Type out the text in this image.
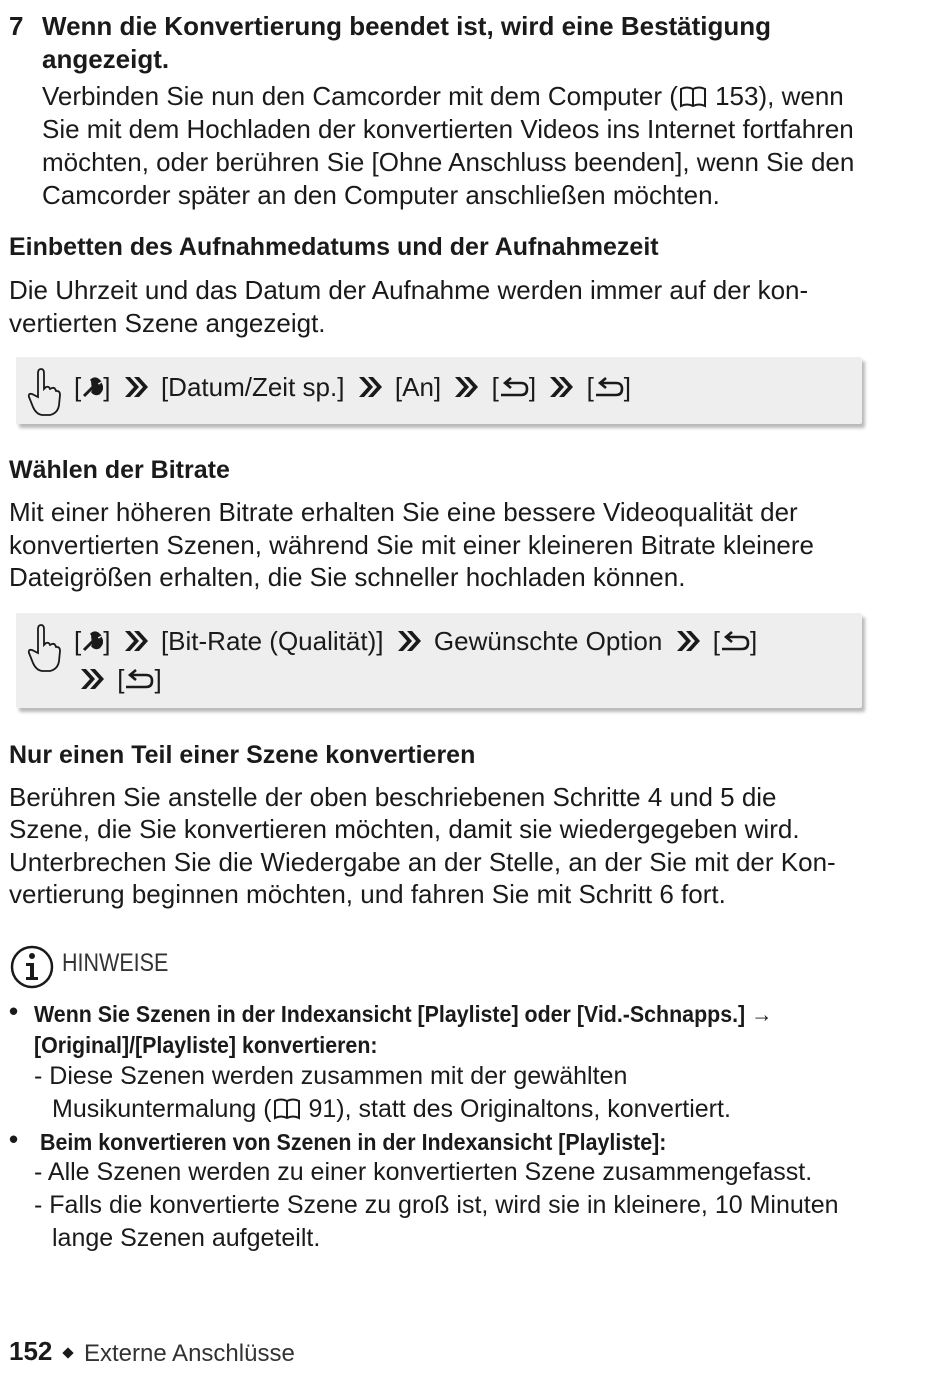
7 Wenn die Konvertierung beendet ist, wird eine Bestätigung
angezeigt.
Verbinden Sie nun den Camcorder mit dem Computer ( 153), wenn
Sie mit dem Hochladen der konvertierten Videos ins Internet fortfahren
möchten, oder berühren Sie [Ohne Anschluss beenden], wenn Sie den
Camcorder später an den Computer anschließen möchten.
Einbetten des Aufnahmedatums und der Aufnahmezeit
Die Uhrzeit und das Datum der Aufnahme werden immer auf der kon-
vertierten Szene angezeigt.
[ ] [Datum/Zeit sp.] [An] [ ] [ ]
Wählen der Bitrate
Mit einer höheren Bitrate erhalten Sie eine bessere Videoqualität der
konvertierten Szenen, während Sie mit einer kleineren Bitrate kleinere
Dateigrößen erhalten, die Sie schneller hochladen können.
[ ] [Bit-Rate (Qualität)] Gewünschte Option [ ]
[ ]
Nur einen Teil einer Szene konvertieren
Berühren Sie anstelle der oben beschriebenen Schritte 4 und 5 die
Szene, die Sie konvertieren möchten, damit sie wiedergegeben wird.
Unterbrechen Sie die Wiedergabe an der Stelle, an der Sie mit der Kon-
vertierung beginnen möchten, und fahren Sie mit Schritt 6 fort.
HINWEISE
• Wenn Sie Szenen in der Indexansicht [Playliste] oder [Vid.-Schnapps.] →
[Original]/[Playliste] konvertieren:
- Diese Szenen werden zusammen mit der gewählten
Musikuntermalung ( 91), statt des Originaltons, konvertiert.
• Beim konvertieren von Szenen in der Indexansicht [Playliste]:
- Alle Szenen werden zu einer konvertierten Szene zusammengefasst.
- Falls die konvertierte Szene zu groß ist, wird sie in kleinere, 10 Minuten
lange Szenen aufgeteilt.
152 Externe Anschlüsse
